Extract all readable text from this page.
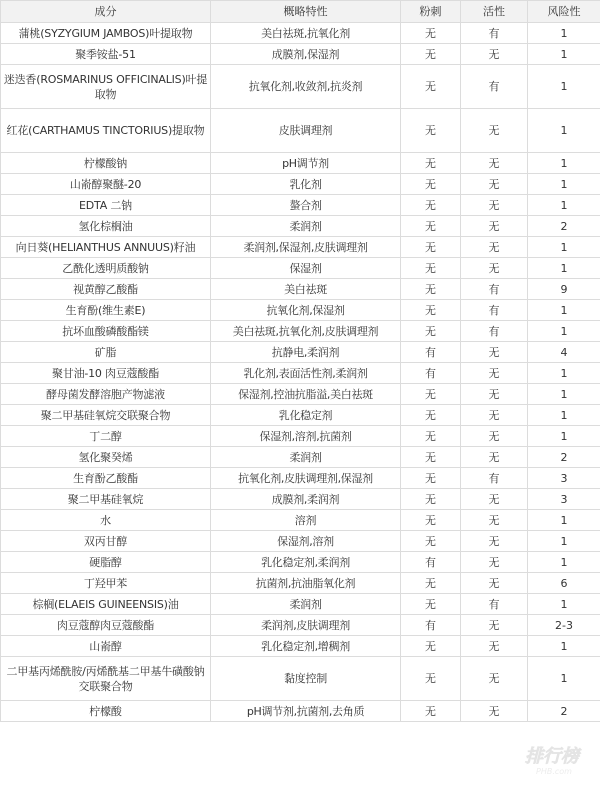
成分	概略特性	粉刺	活性	风险性
蒲桃(SYZYGIUM JAMBOS)叶提取物	美白祛斑,抗氧化剂	无	有	1
聚季铵盐-51	成膜剂,保湿剂	无	无	1
迷迭香(ROSMARINUS OFFICINALIS)叶提取物	抗氧化剂,收敛剂,抗炎剂	无	有	1
红花(CARTHAMUS TINCTORIUS)提取物	皮肤调理剂	无	无	1
柠檬酸钠	pH调节剂	无	无	1
山嵛醇聚醚-20	乳化剂	无	无	1
EDTA 二钠	螯合剂	无	无	1
氢化棕榈油	柔润剂	无	无	2
向日葵(HELIANTHUS ANNUUS)籽油	柔润剂,保湿剂,皮肤调理剂	无	无	1
乙酰化透明质酸钠	保湿剂	无	无	1
视黄醇乙酸酯	美白祛斑	无	有	9
生育酚(维生素E)	抗氧化剂,保湿剂	无	有	1
抗坏血酸磷酸酯镁	美白祛斑,抗氧化剂,皮肤调理剂	无	有	1
矿脂	抗静电,柔润剂	有	无	4
聚甘油-10 肉豆蔻酸酯	乳化剂,表面活性剂,柔润剂	有	无	1
酵母菌发酵溶胞产物滤液	保湿剂,控油抗脂溢,美白祛斑	无	无	1
聚二甲基硅氧烷交联聚合物	乳化稳定剂	无	无	1
丁二醇	保湿剂,溶剂,抗菌剂	无	无	1
氢化聚癸烯	柔润剂	无	无	2
生育酚乙酸酯	抗氧化剂,皮肤调理剂,保湿剂	无	有	3
聚二甲基硅氧烷	成膜剂,柔润剂	无	无	3
水	溶剂	无	无	1
双丙甘醇	保湿剂,溶剂	无	无	1
硬脂醇	乳化稳定剂,柔润剂	有	无	1
丁羟甲苯	抗菌剂,抗油脂氧化剂	无	无	6
棕榈(ELAEIS GUINEENSIS)油	柔润剂	无	有	1
肉豆蔻醇肉豆蔻酸酯	柔润剂,皮肤调理剂	有	无	2-3
山嵛醇	乳化稳定剂,增稠剂	无	无	1
二甲基丙烯酰胺/丙烯酰基二甲基牛磺酸钠交联聚合物	黏度控制	无	无	1
柠檬酸	pH调节剂,抗菌剂,去角质	无	无	2
排行榜
PHB.com
